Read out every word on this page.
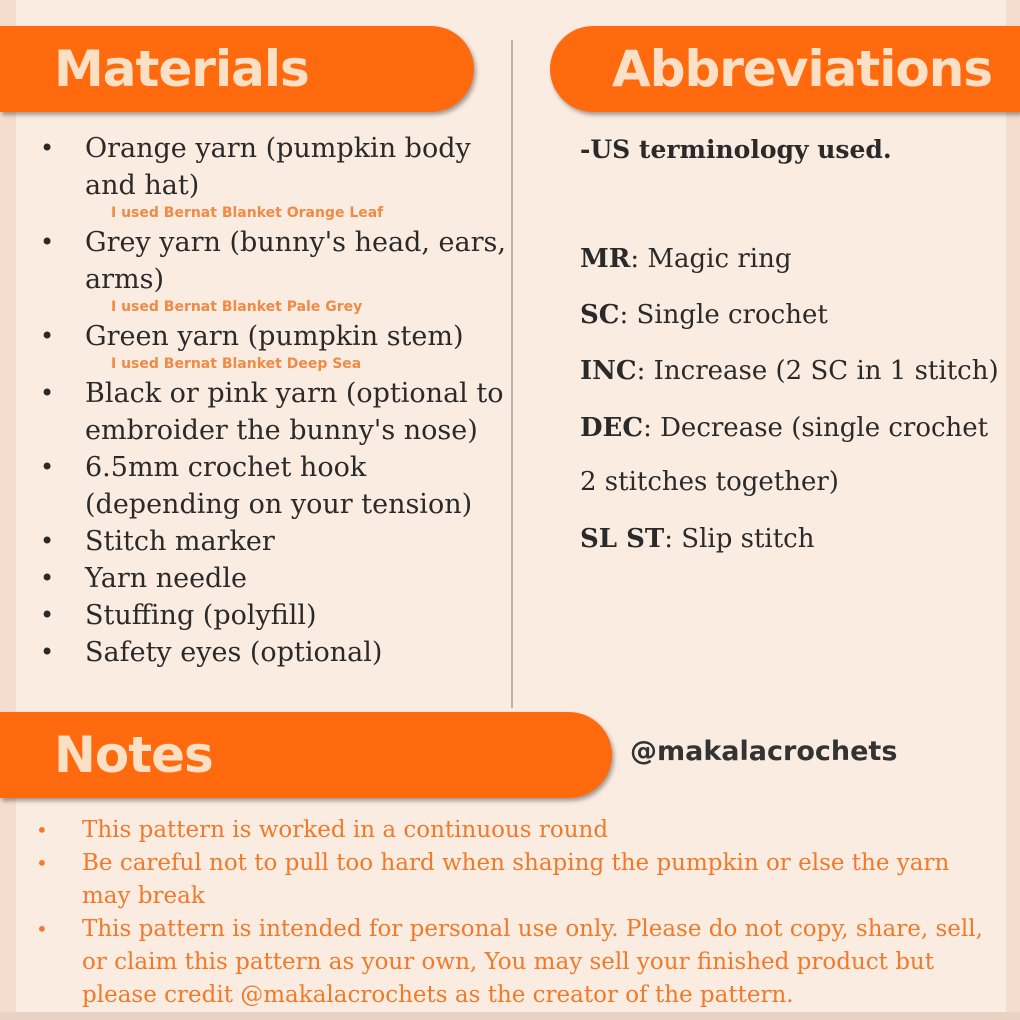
Materials	Abbreviations
• Orange yarn (pumpkin body and hat)
I used Bernat Blanket Orange Leaf
• Grey yarn (bunny's head, ears, arms)
I used Bernat Blanket Pale Grey
• Green yarn (pumpkin stem)
I used Bernat Blanket Deep Sea
• Black or pink yarn (optional to embroider the bunny's nose)
• 6.5mm crochet hook (depending on your tension)
• Stitch marker
• Yarn needle
• Stuffing (polyfill)
• Safety eyes (optional)

-US terminology used.

MR: Magic ring

SC: Single crochet

INC: Increase (2 SC in 1 stitch)

DEC: Decrease (single crochet

2 stitches together)

SL ST: Slip stitch

Notes	@makalacrochets
• This pattern is worked in a continuous round
• Be careful not to pull too hard when shaping the pumpkin or else the yarn may break
• This pattern is intended for personal use only. Please do not copy, share, sell, or claim this pattern as your own, You may sell your finished product but please credit @makalacrochets as the creator of the pattern.
